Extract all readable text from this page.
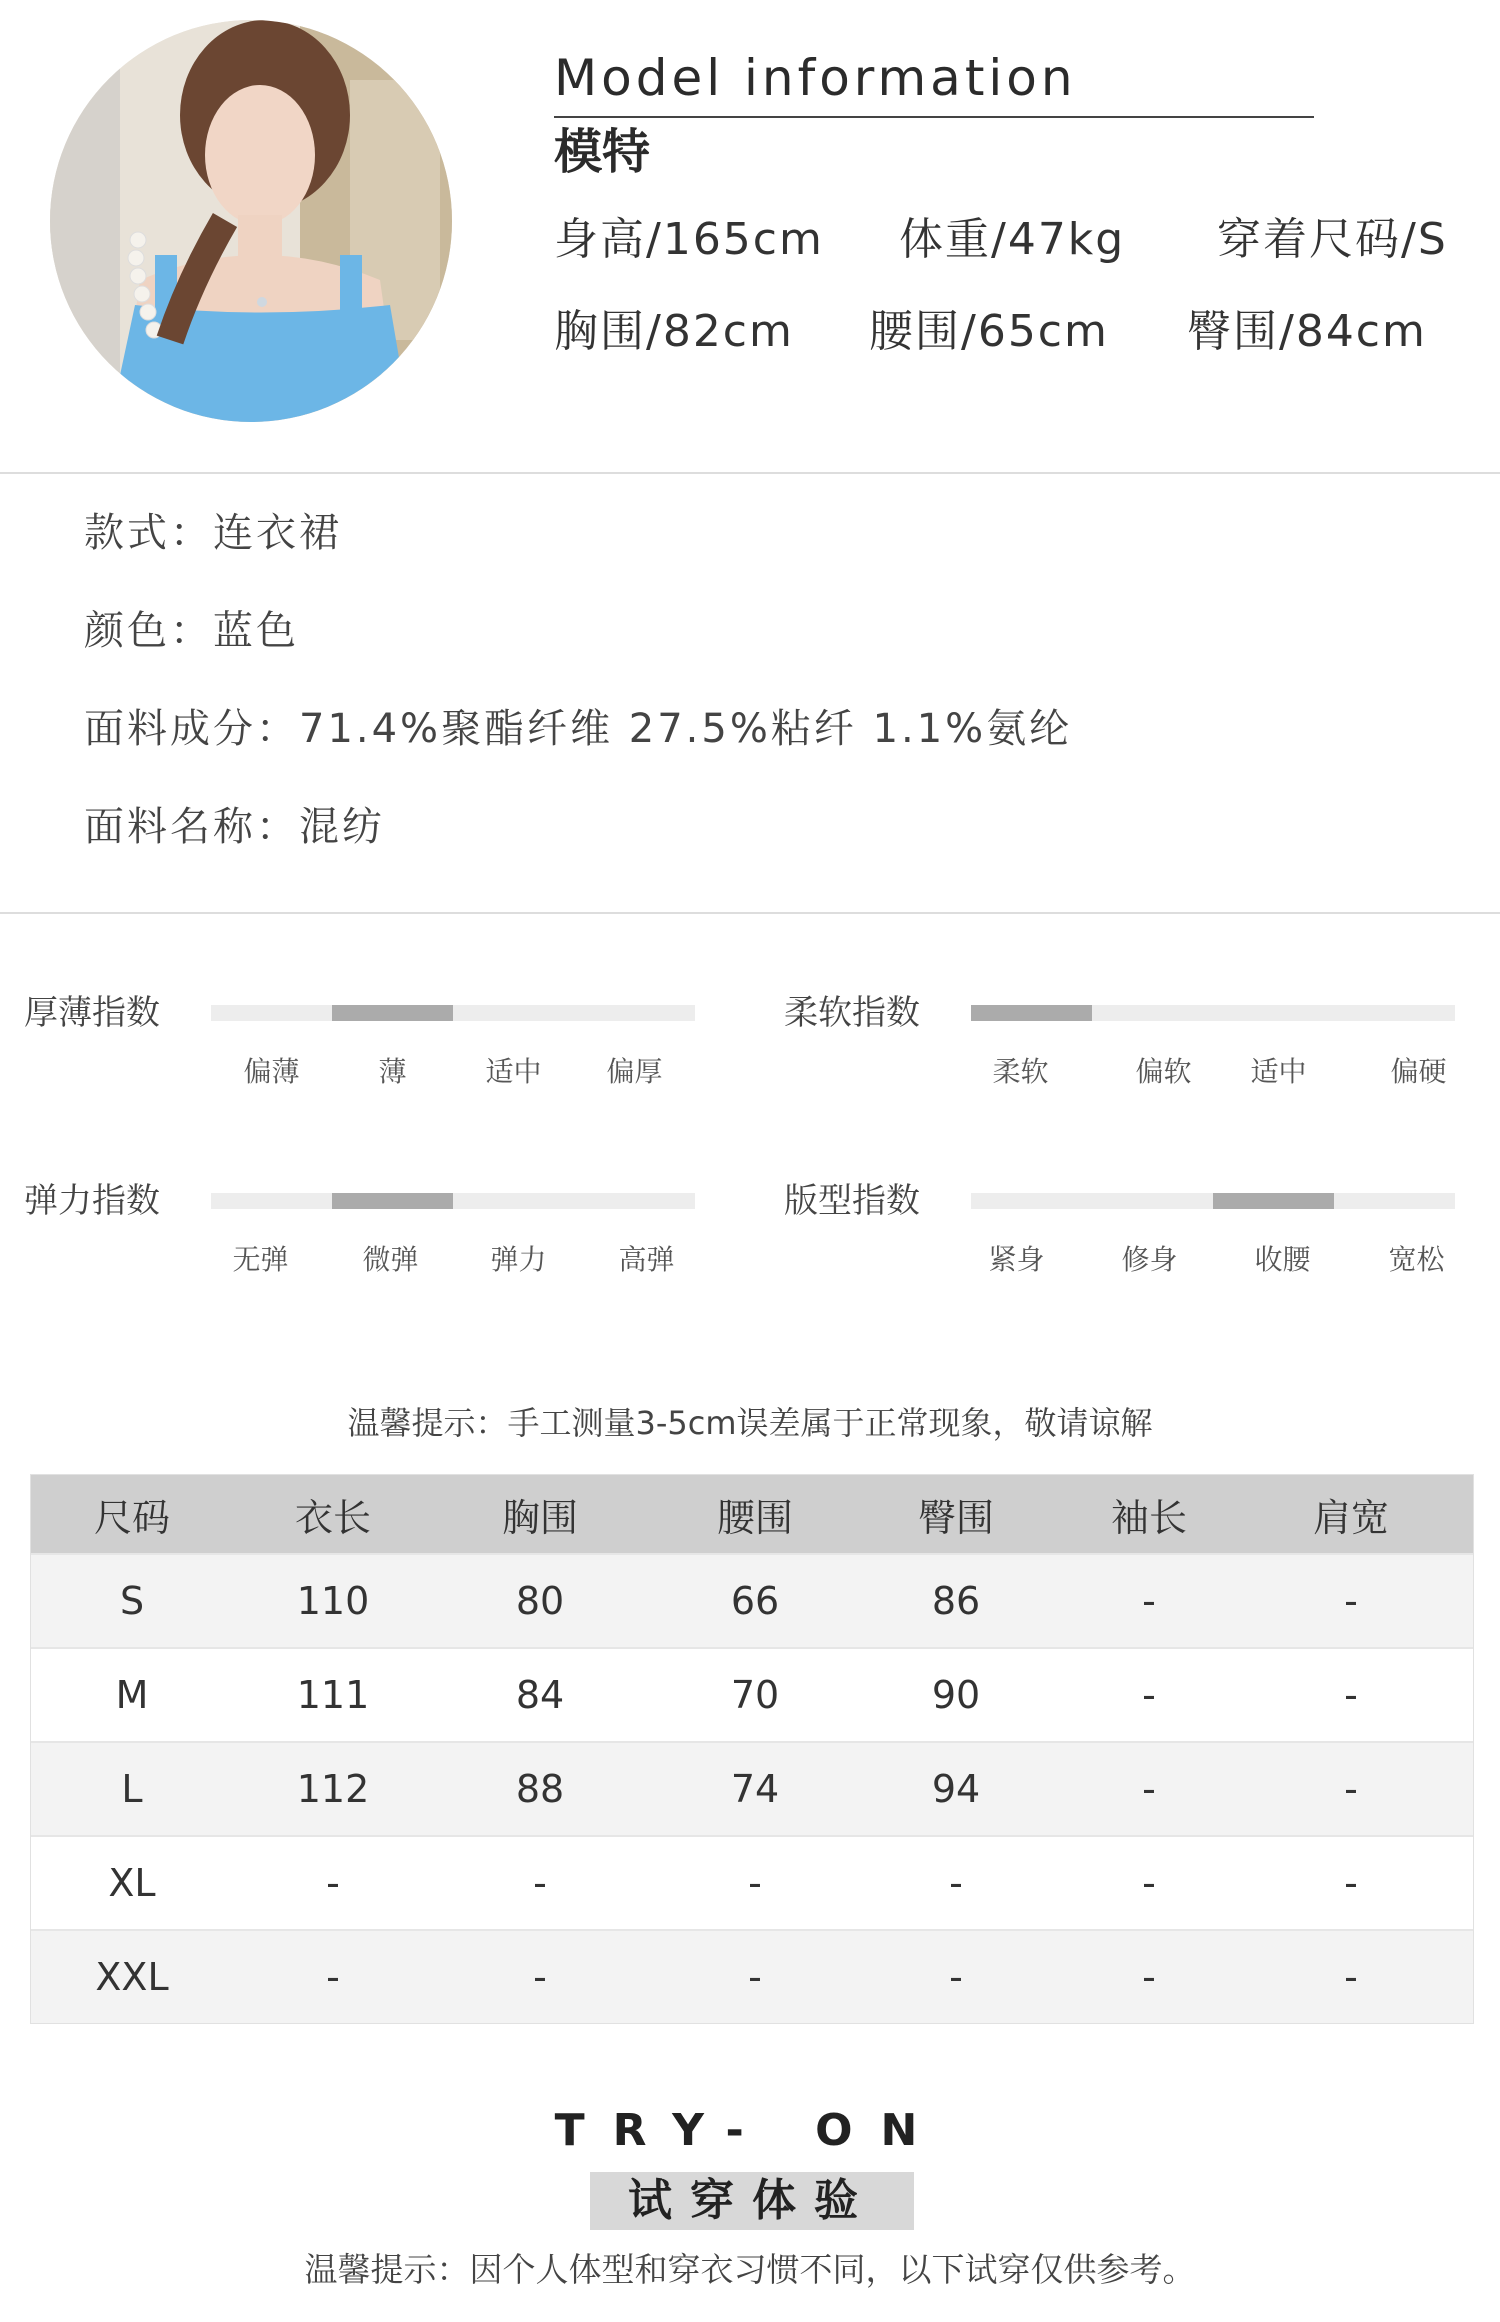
Model information
模特
身高/165cm 体重/47kg 穿着尺码/S
胸围/82cm 腰围/65cm 臀围/84cm
款式：连衣裙
颜色：蓝色
面料成分：71.4%聚酯纤维 27.5%粘纤 1.1%氨纶
面料名称：混纺
厚薄指数
偏薄	薄	适中	偏厚
柔软指数
柔软	偏软	适中	偏硬
弹力指数
无弹	微弹	弹力	高弹
版型指数
紧身	修身	收腰	宽松
温馨提示：手工测量3-5cm误差属于正常现象，敬请谅解
尺码	衣长	胸围	腰围	臀围	袖长	肩宽
S	110	80	66	86	-	-
M	111	84	70	90	-	-
L	112	88	74	94	-	-
XL	-	-	-	-	-	-
XXL	-	-	-	-	-	-
TRY- ON
试穿体验
温馨提示：因个人体型和穿衣习惯不同，以下试穿仅供参考。
